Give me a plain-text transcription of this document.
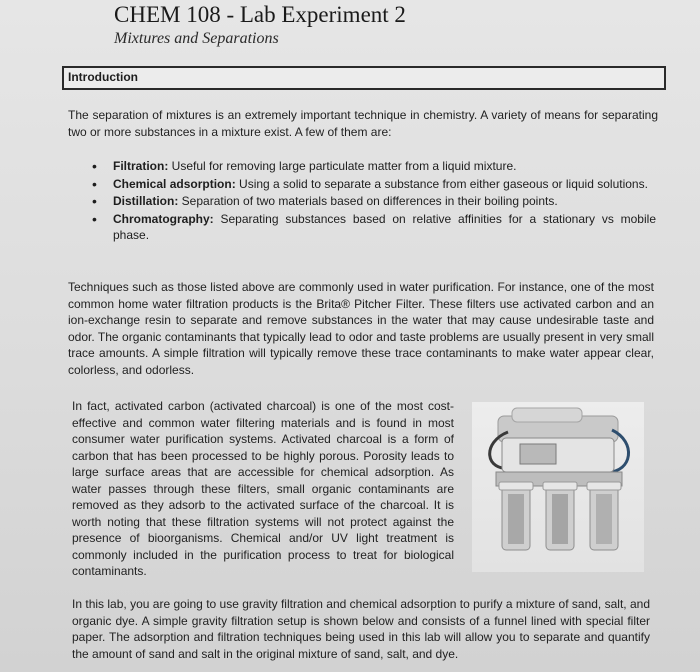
CHEM 108 - Lab Experiment 2
Mixtures and Separations
Introduction
The separation of mixtures is an extremely important technique in chemistry. A variety of means for separating two or more substances in a mixture exist. A few of them are:
• Filtration: Useful for removing large particulate matter from a liquid mixture.
• Chemical adsorption: Using a solid to separate a substance from either gaseous or liquid solutions.
• Distillation: Separation of two materials based on differences in their boiling points.
• Chromatography: Separating substances based on relative affinities for a stationary vs mobile phase.
Techniques such as those listed above are commonly used in water purification. For instance, one of the most common home water filtration products is the Brita® Pitcher Filter. These filters use activated carbon and an ion-exchange resin to separate and remove substances in the water that may cause undesirable taste and odor. The organic contaminants that typically lead to odor and taste problems are usually present in very small trace amounts. A simple filtration will typically remove these trace contaminants to make water appear clear, colorless, and odorless.
In fact, activated carbon (activated charcoal) is one of the most cost-effective and common water filtering materials and is found in most consumer water purification systems. Activated charcoal is a form of carbon that has been processed to be highly porous. Porosity leads to large surface areas that are accessible for chemical adsorption. As water passes through these filters, small organic contaminants are removed as they adsorb to the activated surface of the charcoal. It is worth noting that these filtration systems will not protect against the presence of bioorganisms. Chemical and/or UV light treatment is commonly included in the purification process to treat for biological contaminants.
In this lab, you are going to use gravity filtration and chemical adsorption to purify a mixture of sand, salt, and organic dye. A simple gravity filtration setup is shown below and consists of a funnel lined with special filter paper. The adsorption and filtration techniques being used in this lab will allow you to separate and quantify the amount of sand and salt in the original mixture of sand, salt, and dye.
